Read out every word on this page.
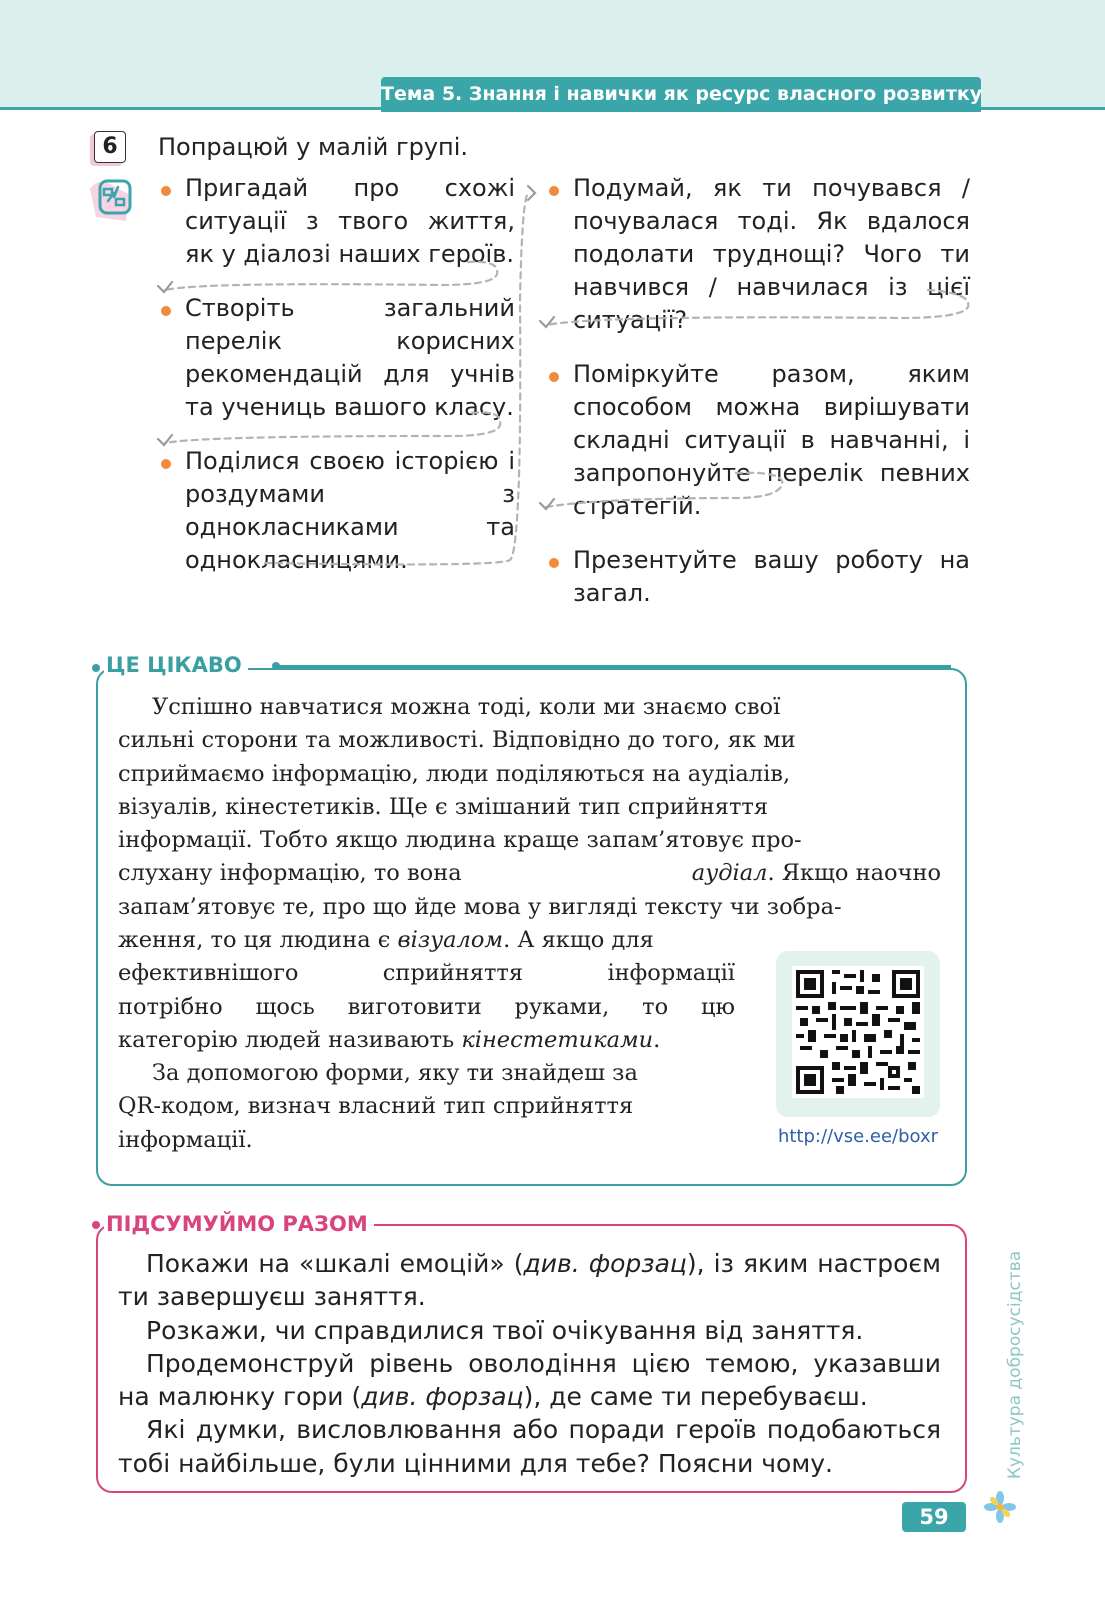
Тема 5. Знання і навички як ресурс власного розвитку
6	Попрацюй у малій групі.
Пригадай про схожі ситуації з твого життя, як у діалозі наших героїв.
Створіть загальний перелік корисних рекомендацій для учнів та учениць вашого класу.
Поділися своєю історією і роздумами з однокласниками та однокласницями.
Подумай, як ти почувався / почувалася тоді. Як вдалося подолати труднощі? Чого ти навчився / навчилася із цієї ситуації?
Поміркуйте разом, яким способом можна вирішувати складні ситуації в навчанні, і запропонуйте перелік певних стратегій.
Презентуйте вашу роботу на загал.
ЦЕ ЦІКАВО
Успішно навчатися можна тоді, коли ми знаємо свої
сильні сторони та можливості. Відповідно до того, як ми
сприймаємо інформацію, люди поділяються на аудіалів,
візуалів, кінестетиків. Ще є змішаний тип сприйняття
інформації. Тобто якщо людина краще запам’ятовує про-
слухану інформацію, то вона	аудіал. Якщо наочно
запам’ятовує те, про що йде мова у вигляді тексту чи зобра-
ження, то ця людина є візуалом. А якщо для
ефективнішого сприйняття інформації
потрібно щось виготовити руками, то цю
категорію людей називають кінестетиками.
За допомогою форми, яку ти знайдеш за
QR-кодом, визнач власний тип сприйняття
інформації.	http://vse.ee/boxr
ПІДСУМУЙМО РАЗОМ
Покажи на «шкалі емоцій» (див. форзац), із яким настроєм ти завершуєш заняття.
Розкажи, чи справдилися твої очікування від заняття.
Продемонструй рівень оволодіння цією темою, указавши на малюнку гори (див. форзац), де саме ти перебуваєш.
Які думки, висловлювання або поради героїв подобаються тобі найбільше, були цінними для тебе? Поясни чому.	Культура добросусідства
59
